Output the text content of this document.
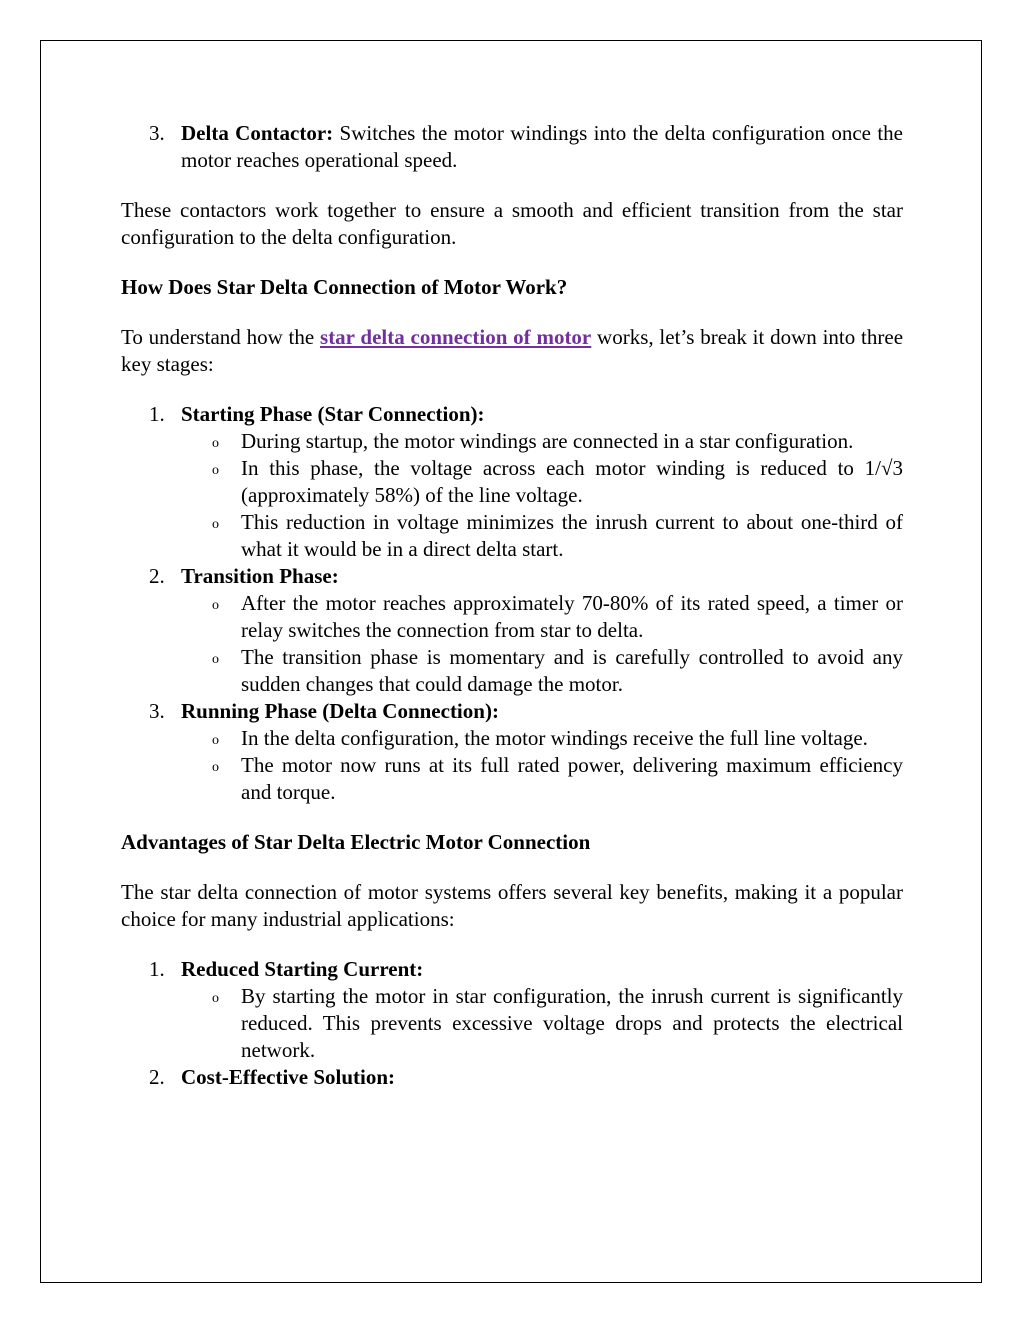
3. Delta Contactor: Switches the motor windings into the delta configuration once the motor reaches operational speed.

These contactors work together to ensure a smooth and efficient transition from the star configuration to the delta configuration.

How Does Star Delta Connection of Motor Work?

To understand how the star delta connection of motor works, let’s break it down into three key stages:

1. Starting Phase (Star Connection):
o During startup, the motor windings are connected in a star configuration.
o In this phase, the voltage across each motor winding is reduced to 1/√3 (approximately 58%) of the line voltage.
o This reduction in voltage minimizes the inrush current to about one-third of what it would be in a direct delta start.
2. Transition Phase:
o After the motor reaches approximately 70-80% of its rated speed, a timer or relay switches the connection from star to delta.
o The transition phase is momentary and is carefully controlled to avoid any sudden changes that could damage the motor.
3. Running Phase (Delta Connection):
o In the delta configuration, the motor windings receive the full line voltage.
o The motor now runs at its full rated power, delivering maximum efficiency and torque.
Advantages of Star Delta Electric Motor Connection

The star delta connection of motor systems offers several key benefits, making it a popular choice for many industrial applications:

1. Reduced Starting Current:
o By starting the motor in star configuration, the inrush current is significantly reduced. This prevents excessive voltage drops and protects the electrical network.
2. Cost-Effective Solution:
